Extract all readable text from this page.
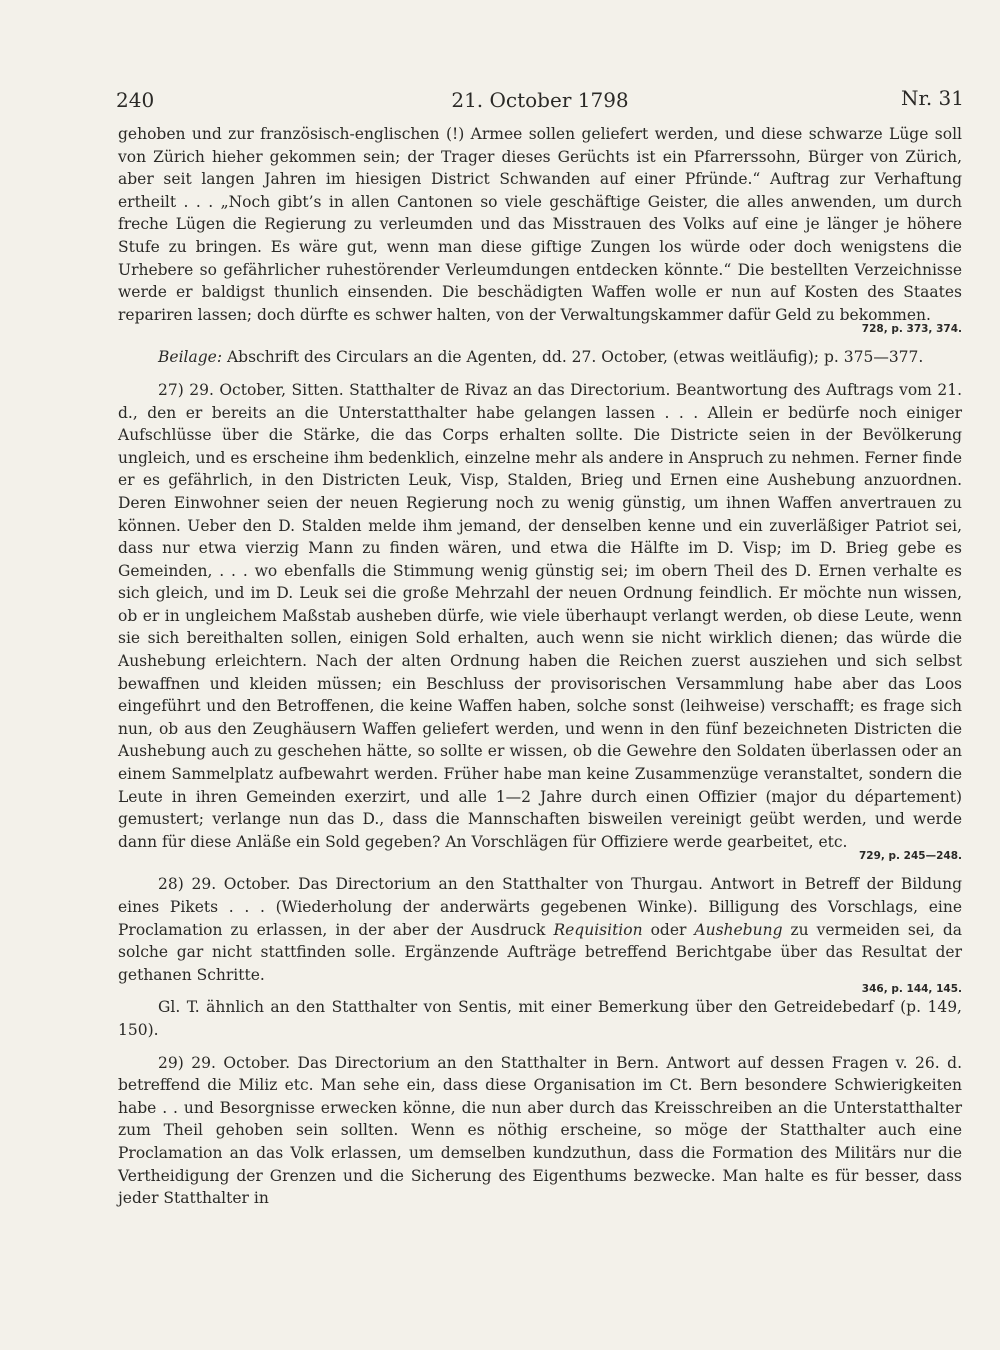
240	21. October 1798	Nr. 31

gehoben und zur französisch-englischen (!) Armee sollen geliefert werden, und diese schwarze Lüge soll von Zürich hieher gekommen sein; der Trager dieses Gerüchts ist ein Pfarrerssohn, Bürger von Zürich, aber seit langen Jahren im hiesigen District Schwanden auf einer Pfründe.“ Auftrag zur Verhaftung ertheilt . . . „Noch gibt’s in allen Cantonen so viele geschäftige Geister, die alles anwenden, um durch freche Lügen die Regierung zu verleumden und das Misstrauen des Volks auf eine je länger je höhere Stufe zu bringen. Es wäre gut, wenn man diese giftige Zungen los würde oder doch wenigstens die Urhebere so gefährlicher ruhestörender Verleumdungen entdecken könnte.“ Die bestellten Verzeichnisse werde er baldigst thunlich einsenden. Die beschädigten Waffen wolle er nun auf Kosten des Staates repariren lassen; doch dürfte es schwer halten, von der Verwaltungskammer dafür Geld zu bekommen.
728, p. 373, 374.

Beilage: Abschrift des Circulars an die Agenten, dd. 27. October, (etwas weitläufig); p. 375—377.

27) 29. October, Sitten. Statthalter de Rivaz an das Directorium. Beantwortung des Auftrags vom 21. d., den er bereits an die Unterstatthalter habe gelangen lassen . . . Allein er bedürfe noch einiger Aufschlüsse über die Stärke, die das Corps erhalten sollte. Die Districte seien in der Bevölkerung ungleich, und es erscheine ihm bedenklich, einzelne mehr als andere in Anspruch zu nehmen. Ferner finde er es gefährlich, in den Districten Leuk, Visp, Stalden, Brieg und Ernen eine Aushebung anzuordnen. Deren Einwohner seien der neuen Regierung noch zu wenig günstig, um ihnen Waffen anvertrauen zu können. Ueber den D. Stalden melde ihm jemand, der denselben kenne und ein zuverläßiger Patriot sei, dass nur etwa vierzig Mann zu finden wären, und etwa die Hälfte im D. Visp; im D. Brieg gebe es Gemeinden, . . . wo ebenfalls die Stimmung wenig günstig sei; im obern Theil des D. Ernen verhalte es sich gleich, und im D. Leuk sei die große Mehrzahl der neuen Ordnung feindlich. Er möchte nun wissen, ob er in ungleichem Maßstab ausheben dürfe, wie viele überhaupt verlangt werden, ob diese Leute, wenn sie sich bereithalten sollen, einigen Sold erhalten, auch wenn sie nicht wirklich dienen; das würde die Aushebung erleichtern. Nach der alten Ordnung haben die Reichen zuerst ausziehen und sich selbst bewaffnen und kleiden müssen; ein Beschluss der provisorischen Versammlung habe aber das Loos eingeführt und den Betroffenen, die keine Waffen haben, solche sonst (leihweise) verschafft; es frage sich nun, ob aus den Zeughäusern Waffen geliefert werden, und wenn in den fünf bezeichneten Districten die Aushebung auch zu geschehen hätte, so sollte er wissen, ob die Gewehre den Soldaten überlassen oder an einem Sammelplatz aufbewahrt werden. Früher habe man keine Zusammenzüge veranstaltet, sondern die Leute in ihren Gemeinden exerzirt, und alle 1—2 Jahre durch einen Offizier (major du département) gemustert; verlange nun das D., dass die Mannschaften bisweilen vereinigt geübt werden, und werde dann für diese Anläße ein Sold gegeben? An Vorschlägen für Offiziere werde gearbeitet, etc.
729, p. 245—248.

28) 29. October. Das Directorium an den Statthalter von Thurgau. Antwort in Betreff der Bildung eines Pikets . . . (Wiederholung der anderwärts gegebenen Winke). Billigung des Vorschlags, eine Proclamation zu erlassen, in der aber der Ausdruck Requisition oder Aushebung zu vermeiden sei, da solche gar nicht stattfinden solle. Ergänzende Aufträge betreffend Berichtgabe über das Resultat der gethanen Schritte.
346, p. 144, 145.

Gl. T. ähnlich an den Statthalter von Sentis, mit einer Bemerkung über den Getreidebedarf (p. 149, 150).

29) 29. October. Das Directorium an den Statthalter in Bern. Antwort auf dessen Fragen v. 26. d. betreffend die Miliz etc. Man sehe ein, dass diese Organisation im Ct. Bern besondere Schwierigkeiten habe . . und Besorgnisse erwecken könne, die nun aber durch das Kreisschreiben an die Unterstatthalter zum Theil gehoben sein sollten. Wenn es nöthig erscheine, so möge der Statthalter auch eine Proclamation an das Volk erlassen, um demselben kundzuthun, dass die Formation des Militärs nur die Vertheidigung der Grenzen und die Sicherung des Eigenthums bezwecke. Man halte es für besser, dass jeder Statthalter in
